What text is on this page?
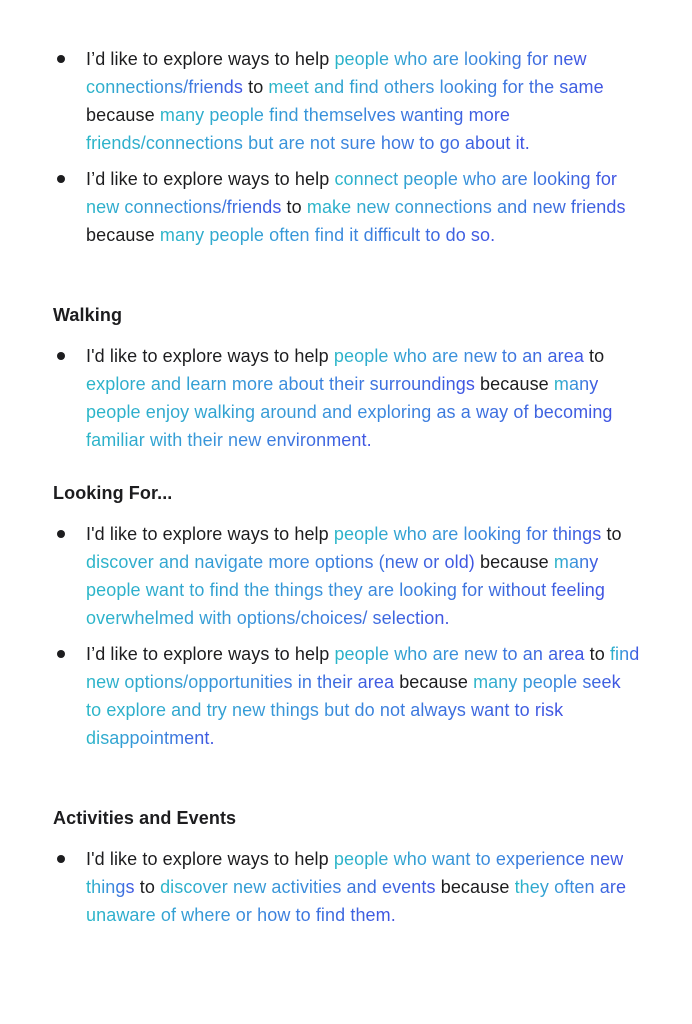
I’d like to explore ways to help people who are looking for new connections/friends to meet and find others looking for the same because many people find themselves wanting more friends/connections but are not sure how to go about it.
I’d like to explore ways to help connect people who are looking for new connections/friends to make new connections and new friends because many people often find it difficult to do so.
Walking
I'd like to explore ways to help people who are new to an area to explore and learn more about their surroundings because many people enjoy walking around and exploring as a way of becoming familiar with their new environment.
Looking For...
I'd like to explore ways to help people who are looking for things to discover and navigate more options (new or old) because many people want to find the things they are looking for without feeling overwhelmed with options/choices/ selection.
I’d like to explore ways to help people who are new to an area to find new options/opportunities in their area because many people seek to explore and try new things but do not always want to risk disappointment.
Activities and Events
I'd like to explore ways to help people who want to experience new things to discover new activities and events because they often are unaware of where or how to find them.
